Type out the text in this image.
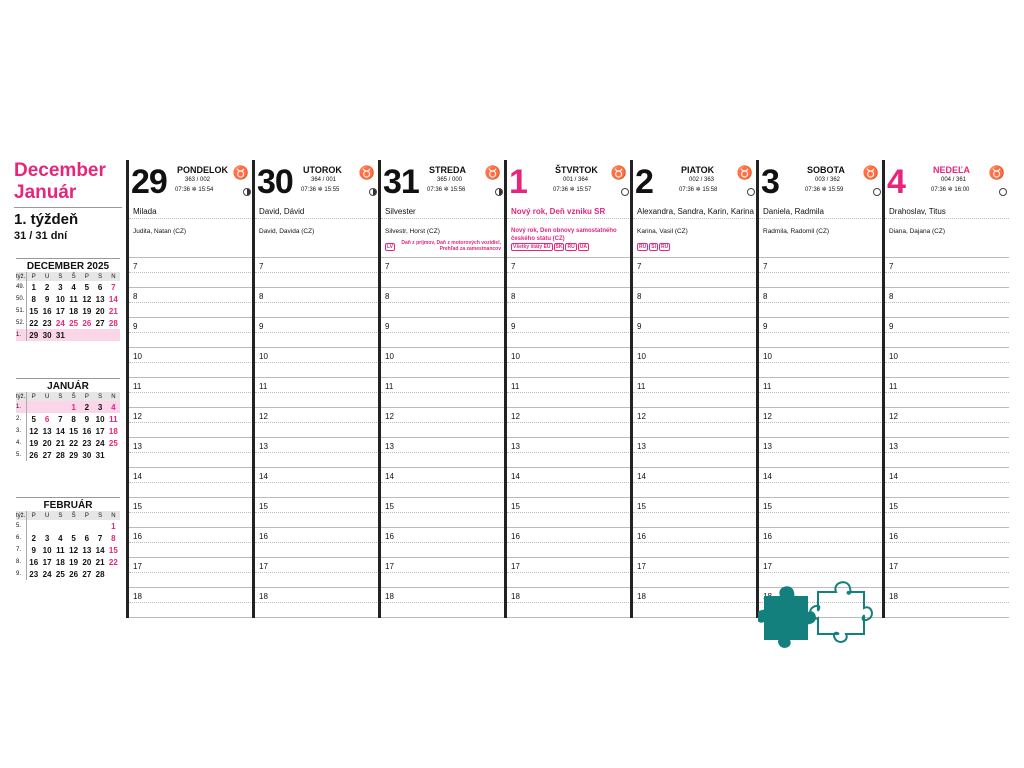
December
Január
1. týždeň
31 / 31 dní
DECEMBER 2025
týž.	P	U	S	Š	P	S	N
49.	1	2	3	4	5	6	7
50.	8	9	10	11	12	13	14
51.	15	16	17	18	19	20	21
52.	22	23	24	25	26	27	28
1.	29	30	31				
JANUÁR
týž.	P	U	S	Š	P	S	N
1.				1	2	3	4
2.	5	6	7	8	9	10	11
3.	12	13	14	15	16	17	18
4.	19	20	21	22	23	24	25
5.	26	27	28	29	30	31	
FEBRUÁR
týž.	P	U	S	Š	P	S	N
5.							1
6.	2	3	4	5	6	7	8
7.	9	10	11	12	13	14	15
8.	16	17	18	19	20	21	22
9.	23	24	25	26	27	28	
29 PONDELOK
363 / 002
07:36 ✲ 15:54
♉
Milada
Judita, Natan (CZ)
7
8
9
10
11
12
13
14
15
16
17
18
30 UTOROK
364 / 001
07:36 ✲ 15:55
♉
David, Dávid
David, Davida (CZ)
7
8
9
10
11
12
13
14
15
16
17
18
31 STREDA
365 / 000
07:36 ✲ 15:56
♉
Silvester
Silvestr, Horst (CZ)
Daň z príjmov, Daň z motorových vozidiel, Prehľad za zamestnancov
LV
7
8
9
10
11
12
13
14
15
16
17
18
1	ŠTVRTOK
001 / 364
07:36 ✲ 15:57
♉
Nový rok, Deň vzniku SR
Nový rok, Den obnovy samostatného českého státu (CZ)
Všetky štáty EÚ SK RU UA
7
8
9
10
11
12
13
14
15
16
17
18
2	PIATOK
002 / 363
07:36 ✲ 15:58
♉
Alexandra, Sandra, Karin, Karina
Karina, Vasil (CZ)
RU SI RU
7
8
9
10
11
12
13
14
15
16
17
18
3	SOBOTA
003 / 362
07:36 ✲ 15:59
♉
Daniela, Radmila
Radmila, Radomil (CZ)
7
8
9
10
11
12
13
14
15
16
17
4	NEDEĽA
004 / 361
07:36 ✲ 16:00
♉
Drahoslav, Titus
Diana, Dajana (CZ)
7
8
9
10
11
12
13
14
15
16
17
18
